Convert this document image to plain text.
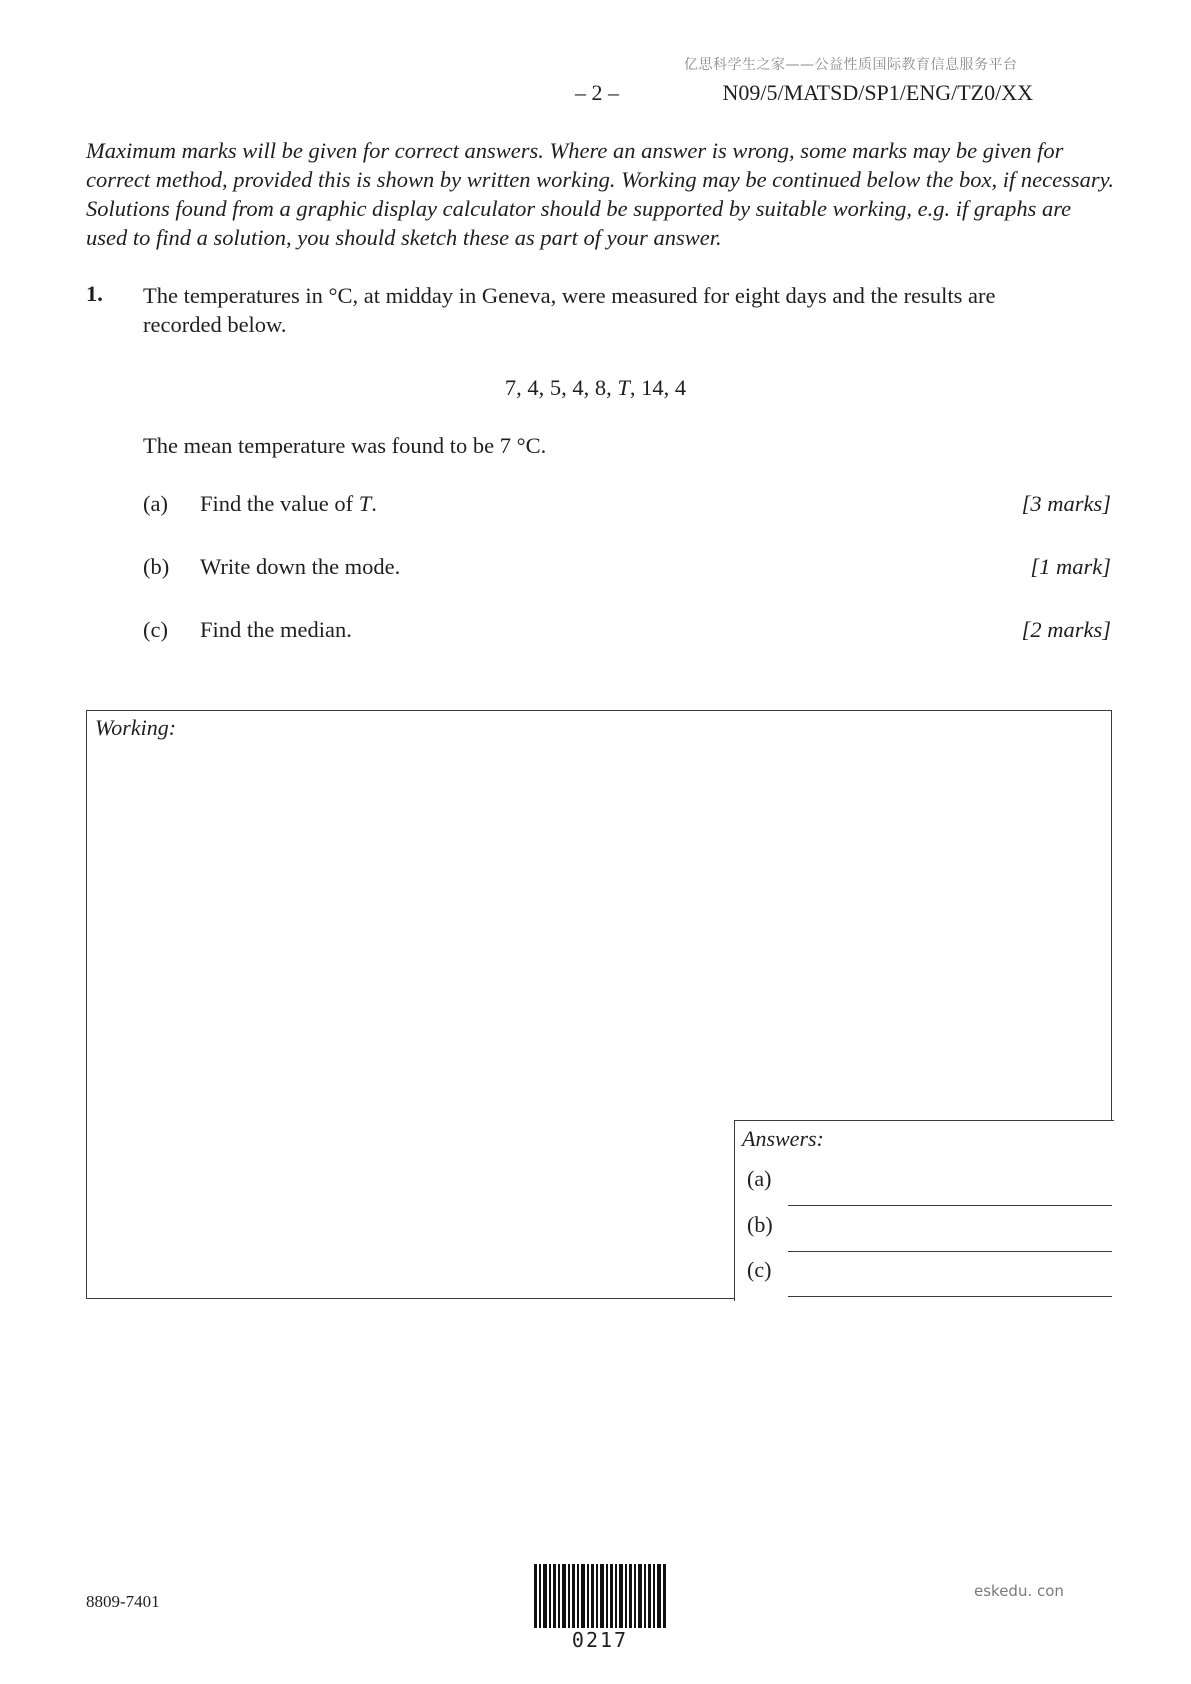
亿思科学生之家——公益性质国际教育信息服务平台
– 2 –	N09/5/MATSD/SP1/ENG/TZ0/XX
Maximum marks will be given for correct answers. Where an answer is wrong, some marks may be given for correct method, provided this is shown by written working. Working may be continued below the box, if necessary. Solutions found from a graphic display calculator should be supported by suitable working, e.g. if graphs are used to find a solution, you should sketch these as part of your answer.
1. The temperatures in °C, at midday in Geneva, were measured for eight days and the results are recorded below.
7, 4, 5, 4, 8, T, 14, 4
The mean temperature was found to be 7 °C.
(a) Find the value of T.	[3 marks]
(b) Write down the mode.	[1 mark]
(c) Find the median.	[2 marks]
Working:
Answers:
(a)
(b)
(c)
8809-7401
0217
eskedu. con
